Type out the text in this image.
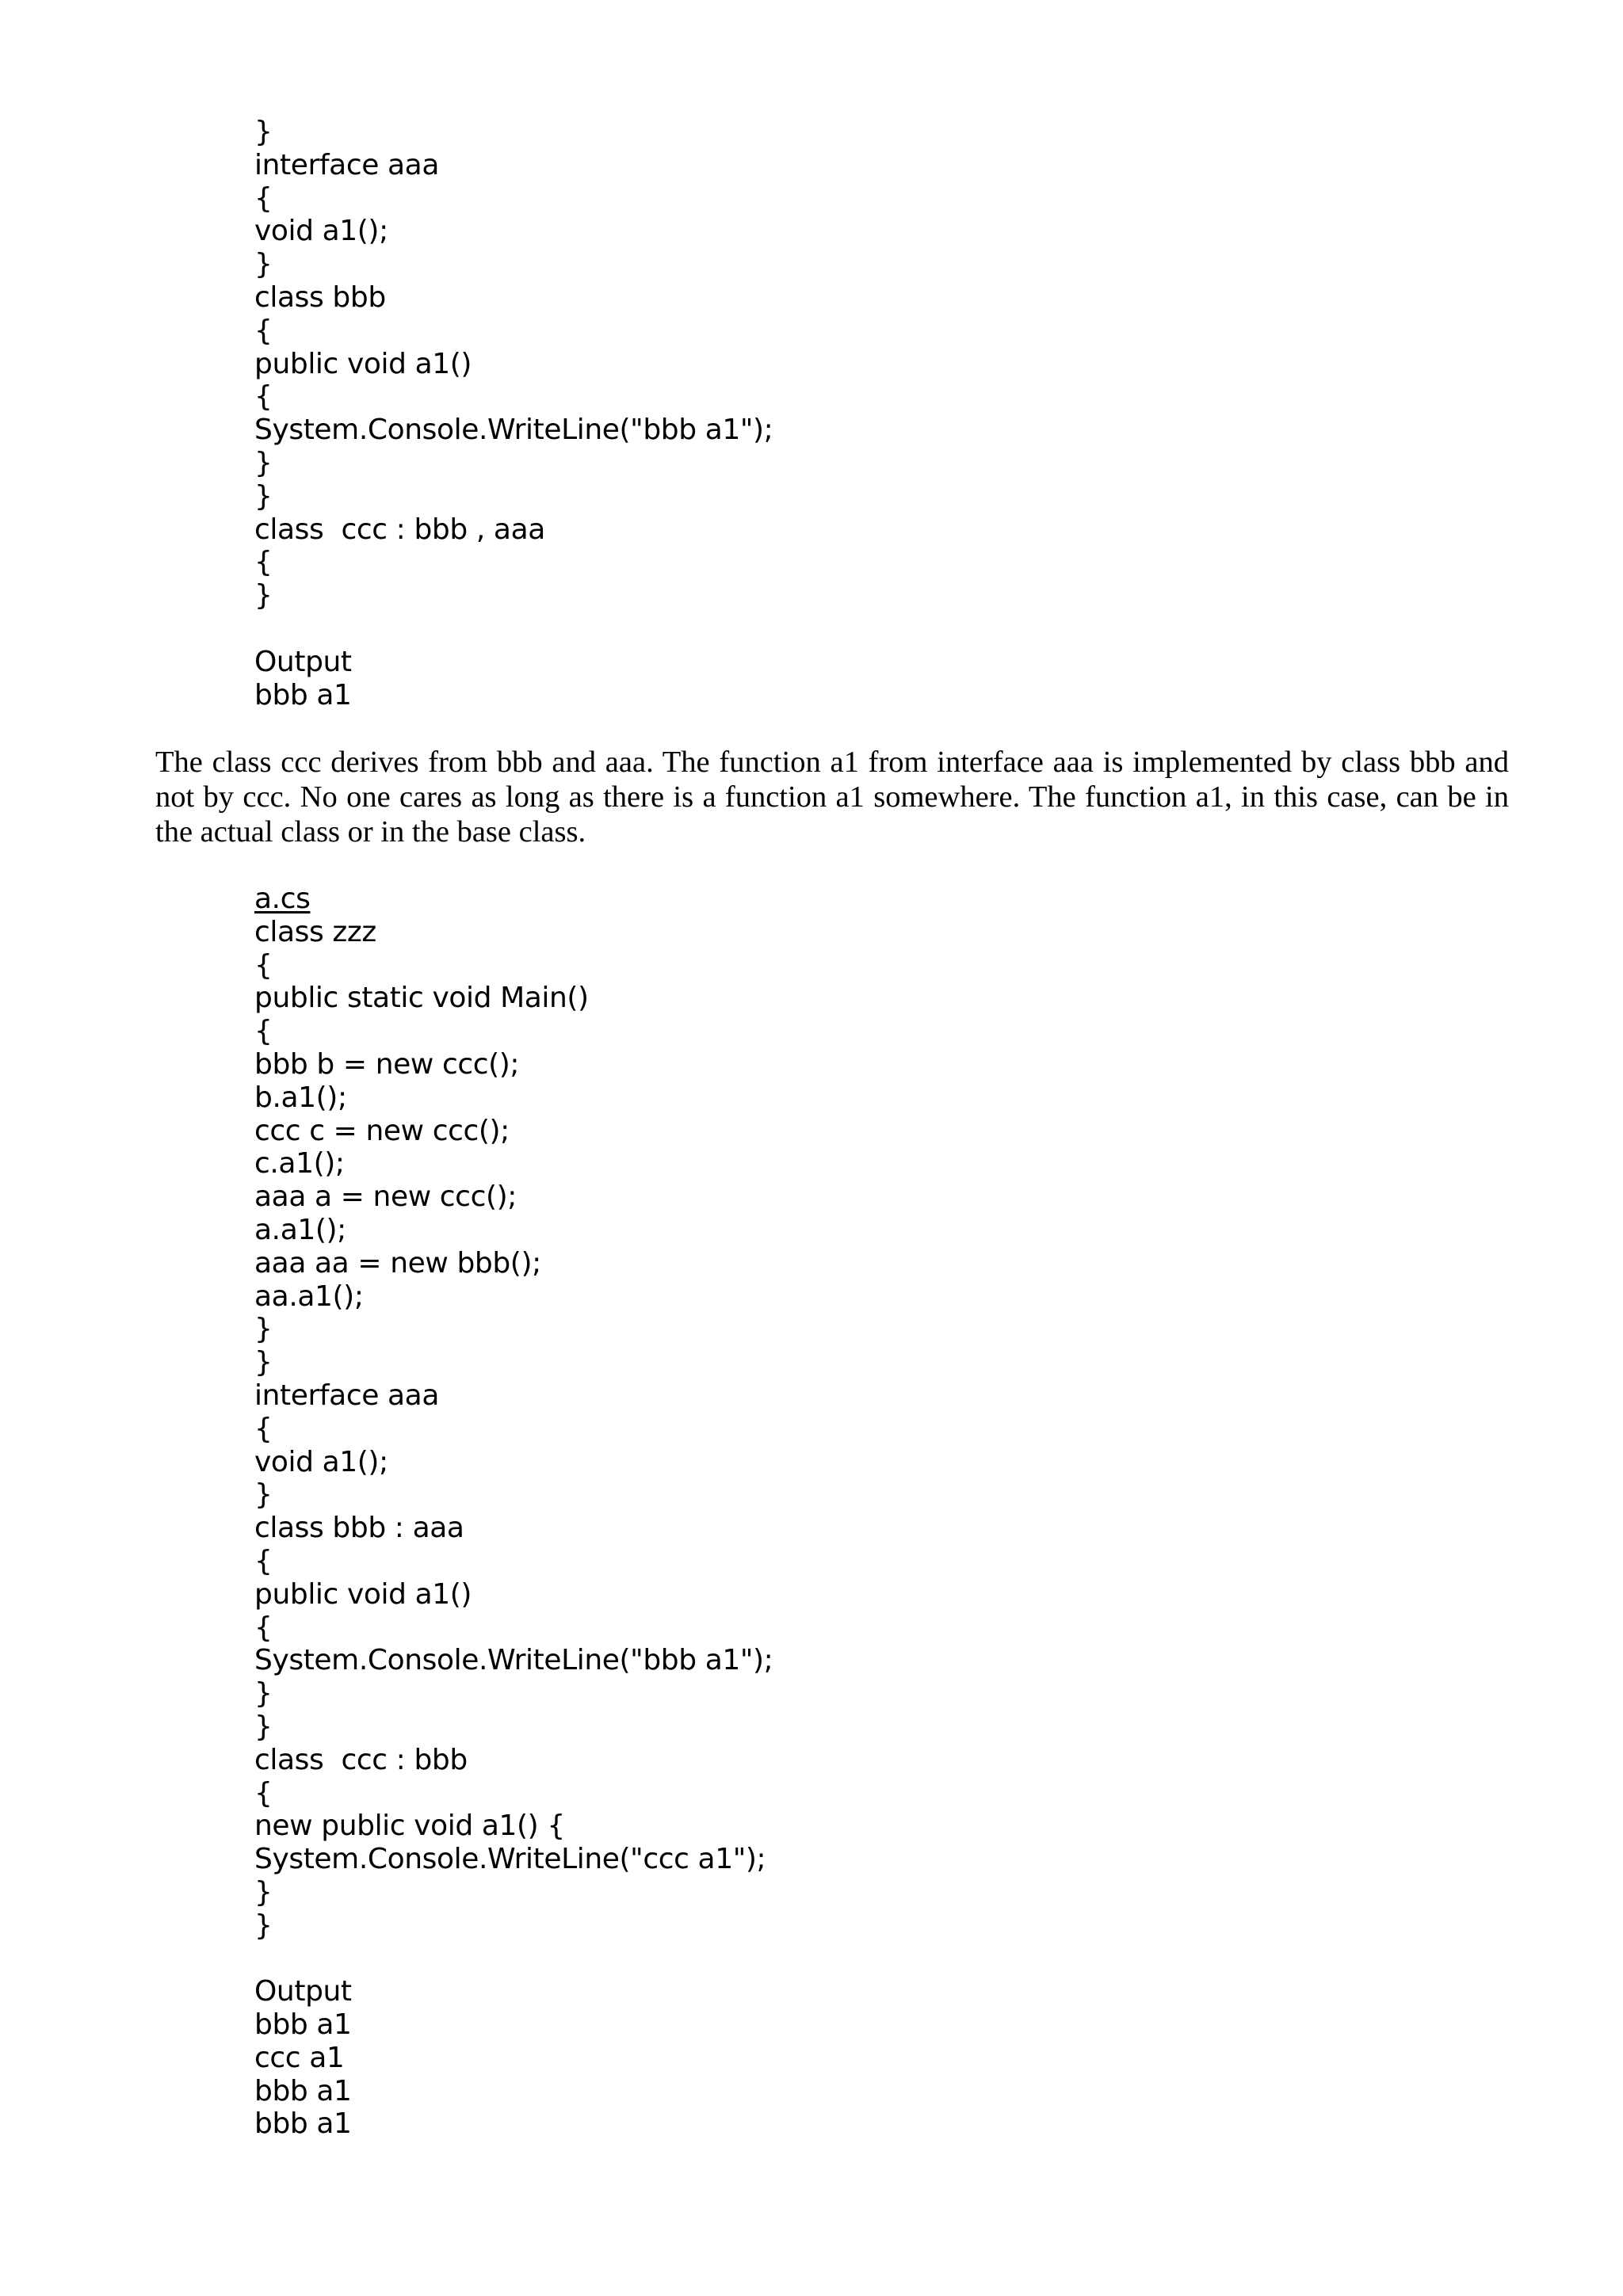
}
interface aaa
{
void a1();
}
class bbb
{
public void a1()
{
System.Console.WriteLine("bbb a1");
}
}
class  ccc : bbb , aaa
{
}
Output
bbb a1

The class ccc derives from bbb and aaa. The function a1 from interface aaa is implemented by class bbb and not by ccc. No one cares as long as there is a function a1 somewhere. The function a1, in this case, can be in the actual class or in the base class.

a.cs
class zzz
{
public static void Main()
{
bbb b = new ccc();
b.a1();
ccc c = new ccc();
c.a1();
aaa a = new ccc();
a.a1();
aaa aa = new bbb();
aa.a1();
}
}
interface aaa
{
void a1();
}
class bbb : aaa
{
public void a1()
{
System.Console.WriteLine("bbb a1");
}
}
class  ccc : bbb
{
new public void a1() {
System.Console.WriteLine("ccc a1");
}
}
Output
bbb a1
ccc a1
bbb a1
bbb a1
